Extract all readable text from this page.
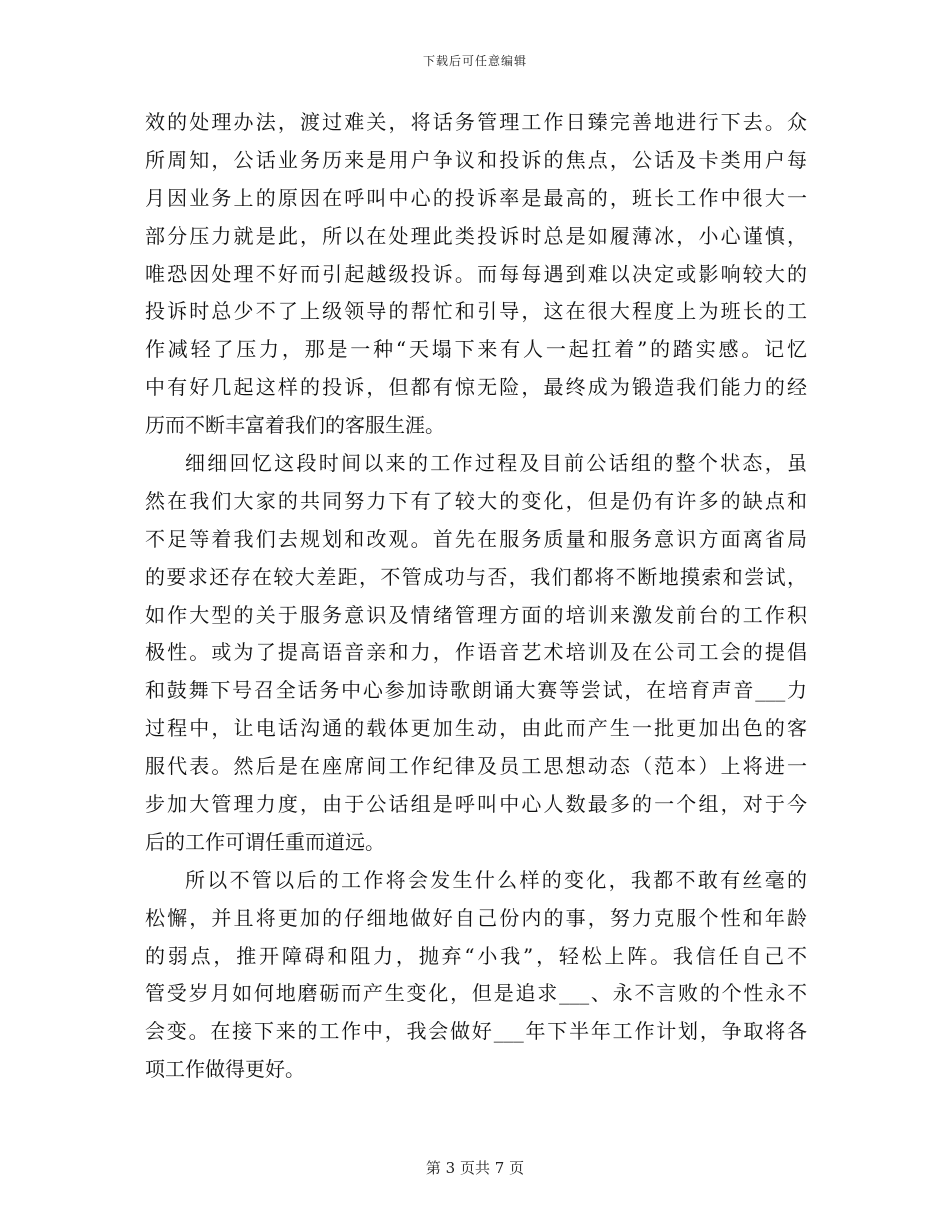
下载后可任意编辑
效的处理办法，渡过难关，将话务管理工作日臻完善地进行下去。众
所周知，公话业务历来是用户争议和投诉的焦点，公话及卡类用户每
月因业务上的原因在呼叫中心的投诉率是最高的，班长工作中很大一
部分压力就是此，所以在处理此类投诉时总是如履薄冰，小心谨慎，
唯恐因处理不好而引起越级投诉。而每每遇到难以决定或影响较大的
投诉时总少不了上级领导的帮忙和引导，这在很大程度上为班长的工
作减轻了压力，那是一种“天塌下来有人一起扛着”的踏实感。记忆
中有好几起这样的投诉，但都有惊无险，最终成为锻造我们能力的经
历而不断丰富着我们的客服生涯。
细细回忆这段时间以来的工作过程及目前公话组的整个状态，虽
然在我们大家的共同努力下有了较大的变化，但是仍有许多的缺点和
不足等着我们去规划和改观。首先在服务质量和服务意识方面离省局
的要求还存在较大差距，不管成功与否，我们都将不断地摸索和尝试，
如作大型的关于服务意识及情绪管理方面的培训来激发前台的工作积
极性。或为了提高语音亲和力，作语音艺术培训及在公司工会的提倡
和鼓舞下号召全话务中心参加诗歌朗诵大赛等尝试，在培育声音___力
过程中，让电话沟通的载体更加生动，由此而产生一批更加出色的客
服代表。然后是在座席间工作纪律及员工思想动态（范本）上将进一
步加大管理力度，由于公话组是呼叫中心人数最多的一个组，对于今
后的工作可谓任重而道远。
所以不管以后的工作将会发生什么样的变化，我都不敢有丝毫的
松懈，并且将更加的仔细地做好自己份内的事，努力克服个性和年龄
的弱点，推开障碍和阻力，抛弃“小我”，轻松上阵。我信任自己不
管受岁月如何地磨砺而产生变化，但是追求___、永不言败的个性永不
会变。在接下来的工作中，我会做好___年下半年工作计划，争取将各
项工作做得更好。
第 3 页共 7 页
